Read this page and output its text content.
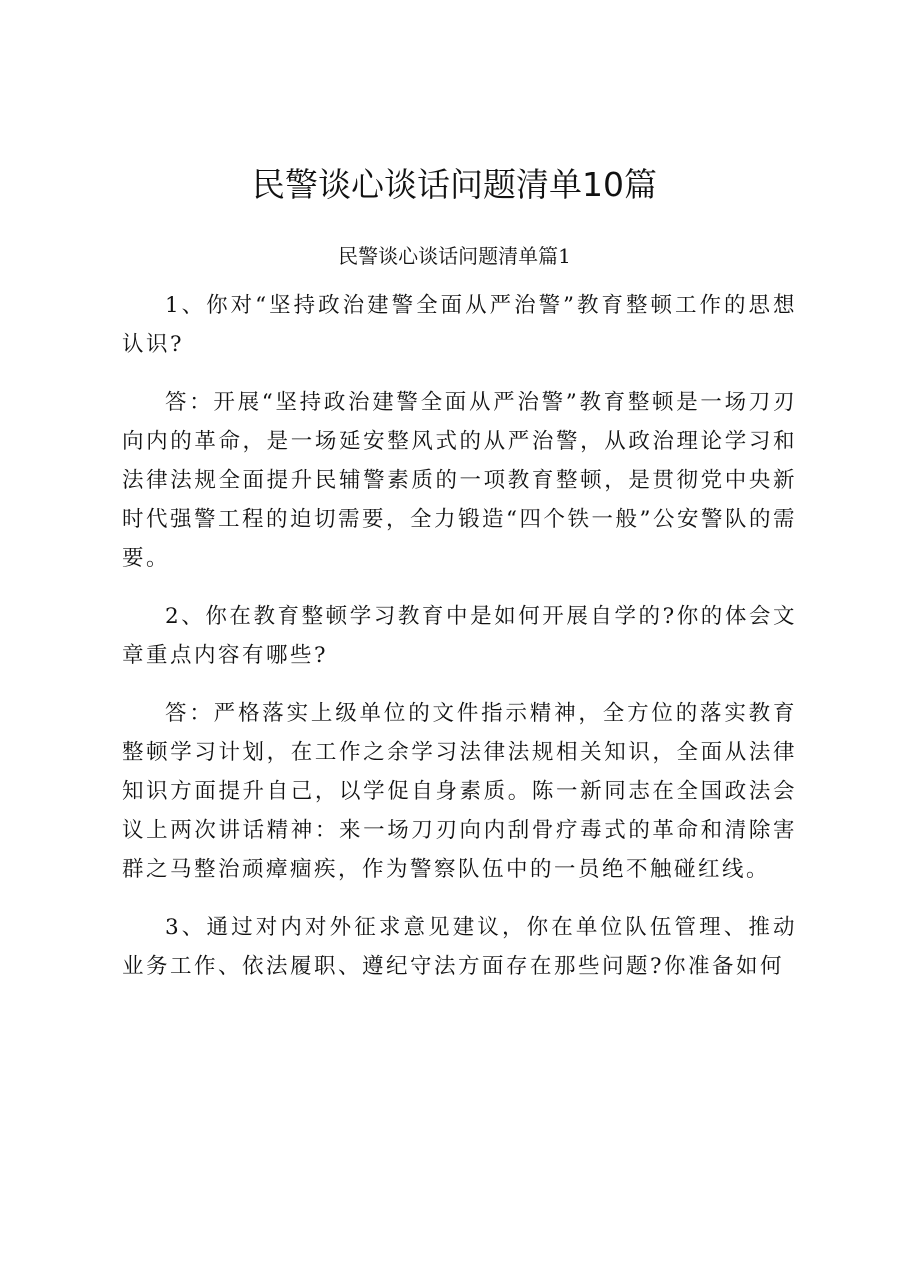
民警谈心谈话问题清单10篇
民警谈心谈话问题清单篇1

1、你对“坚持政治建警全面从严治警”教育整顿工作的思想认识?

答：开展“坚持政治建警全面从严治警”教育整顿是一场刀刃向内的革命，是一场延安整风式的从严治警，从政治理论学习和法律法规全面提升民辅警素质的一项教育整顿，是贯彻党中央新时代强警工程的迫切需要，全力锻造“四个铁一般”公安警队的需要。

2、你在教育整顿学习教育中是如何开展自学的?你的体会文章重点内容有哪些?

答：严格落实上级单位的文件指示精神，全方位的落实教育整顿学习计划，在工作之余学习法律法规相关知识，全面从法律知识方面提升自己，以学促自身素质。陈一新同志在全国政法会议上两次讲话精神：来一场刀刃向内刮骨疗毒式的革命和清除害群之马整治顽瘴痼疾，作为警察队伍中的一员绝不触碰红线。

3、通过对内对外征求意见建议，你在单位队伍管理、推动业务工作、依法履职、遵纪守法方面存在那些问题?你准备如何
